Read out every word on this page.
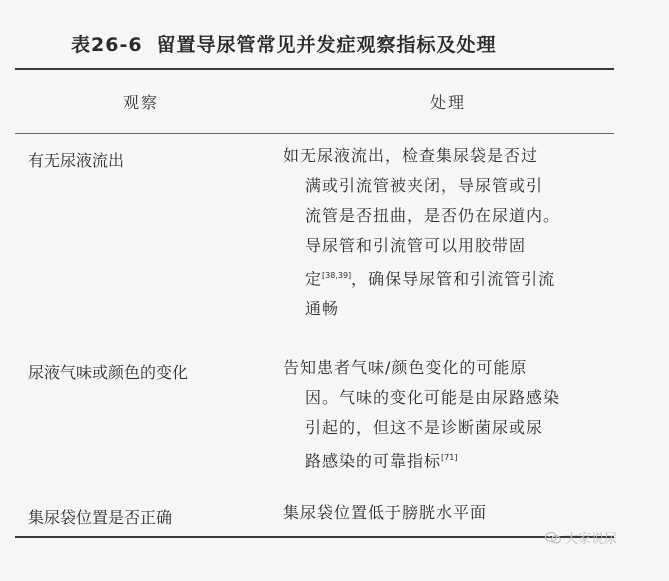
表26-6 留置导尿管常见并发症观察指标及处理
观察	处理
有无尿液流出	如无尿液流出，检查集尿袋是否过
满或引流管被夹闭，导尿管或引
流管是否扭曲，是否仍在尿道内。
导尿管和引流管可以用胶带固
定[38,39]，确保导尿管和引流管引流
通畅
尿液气味或颜色的变化	告知患者气味/颜色变化的可能原
因。气味的变化可能是由尿路感染
引起的，但这不是诊断菌尿或尿
路感染的可靠指标[71]
集尿袋位置是否正确	集尿袋位置低于膀胱水平面
大家说尿
